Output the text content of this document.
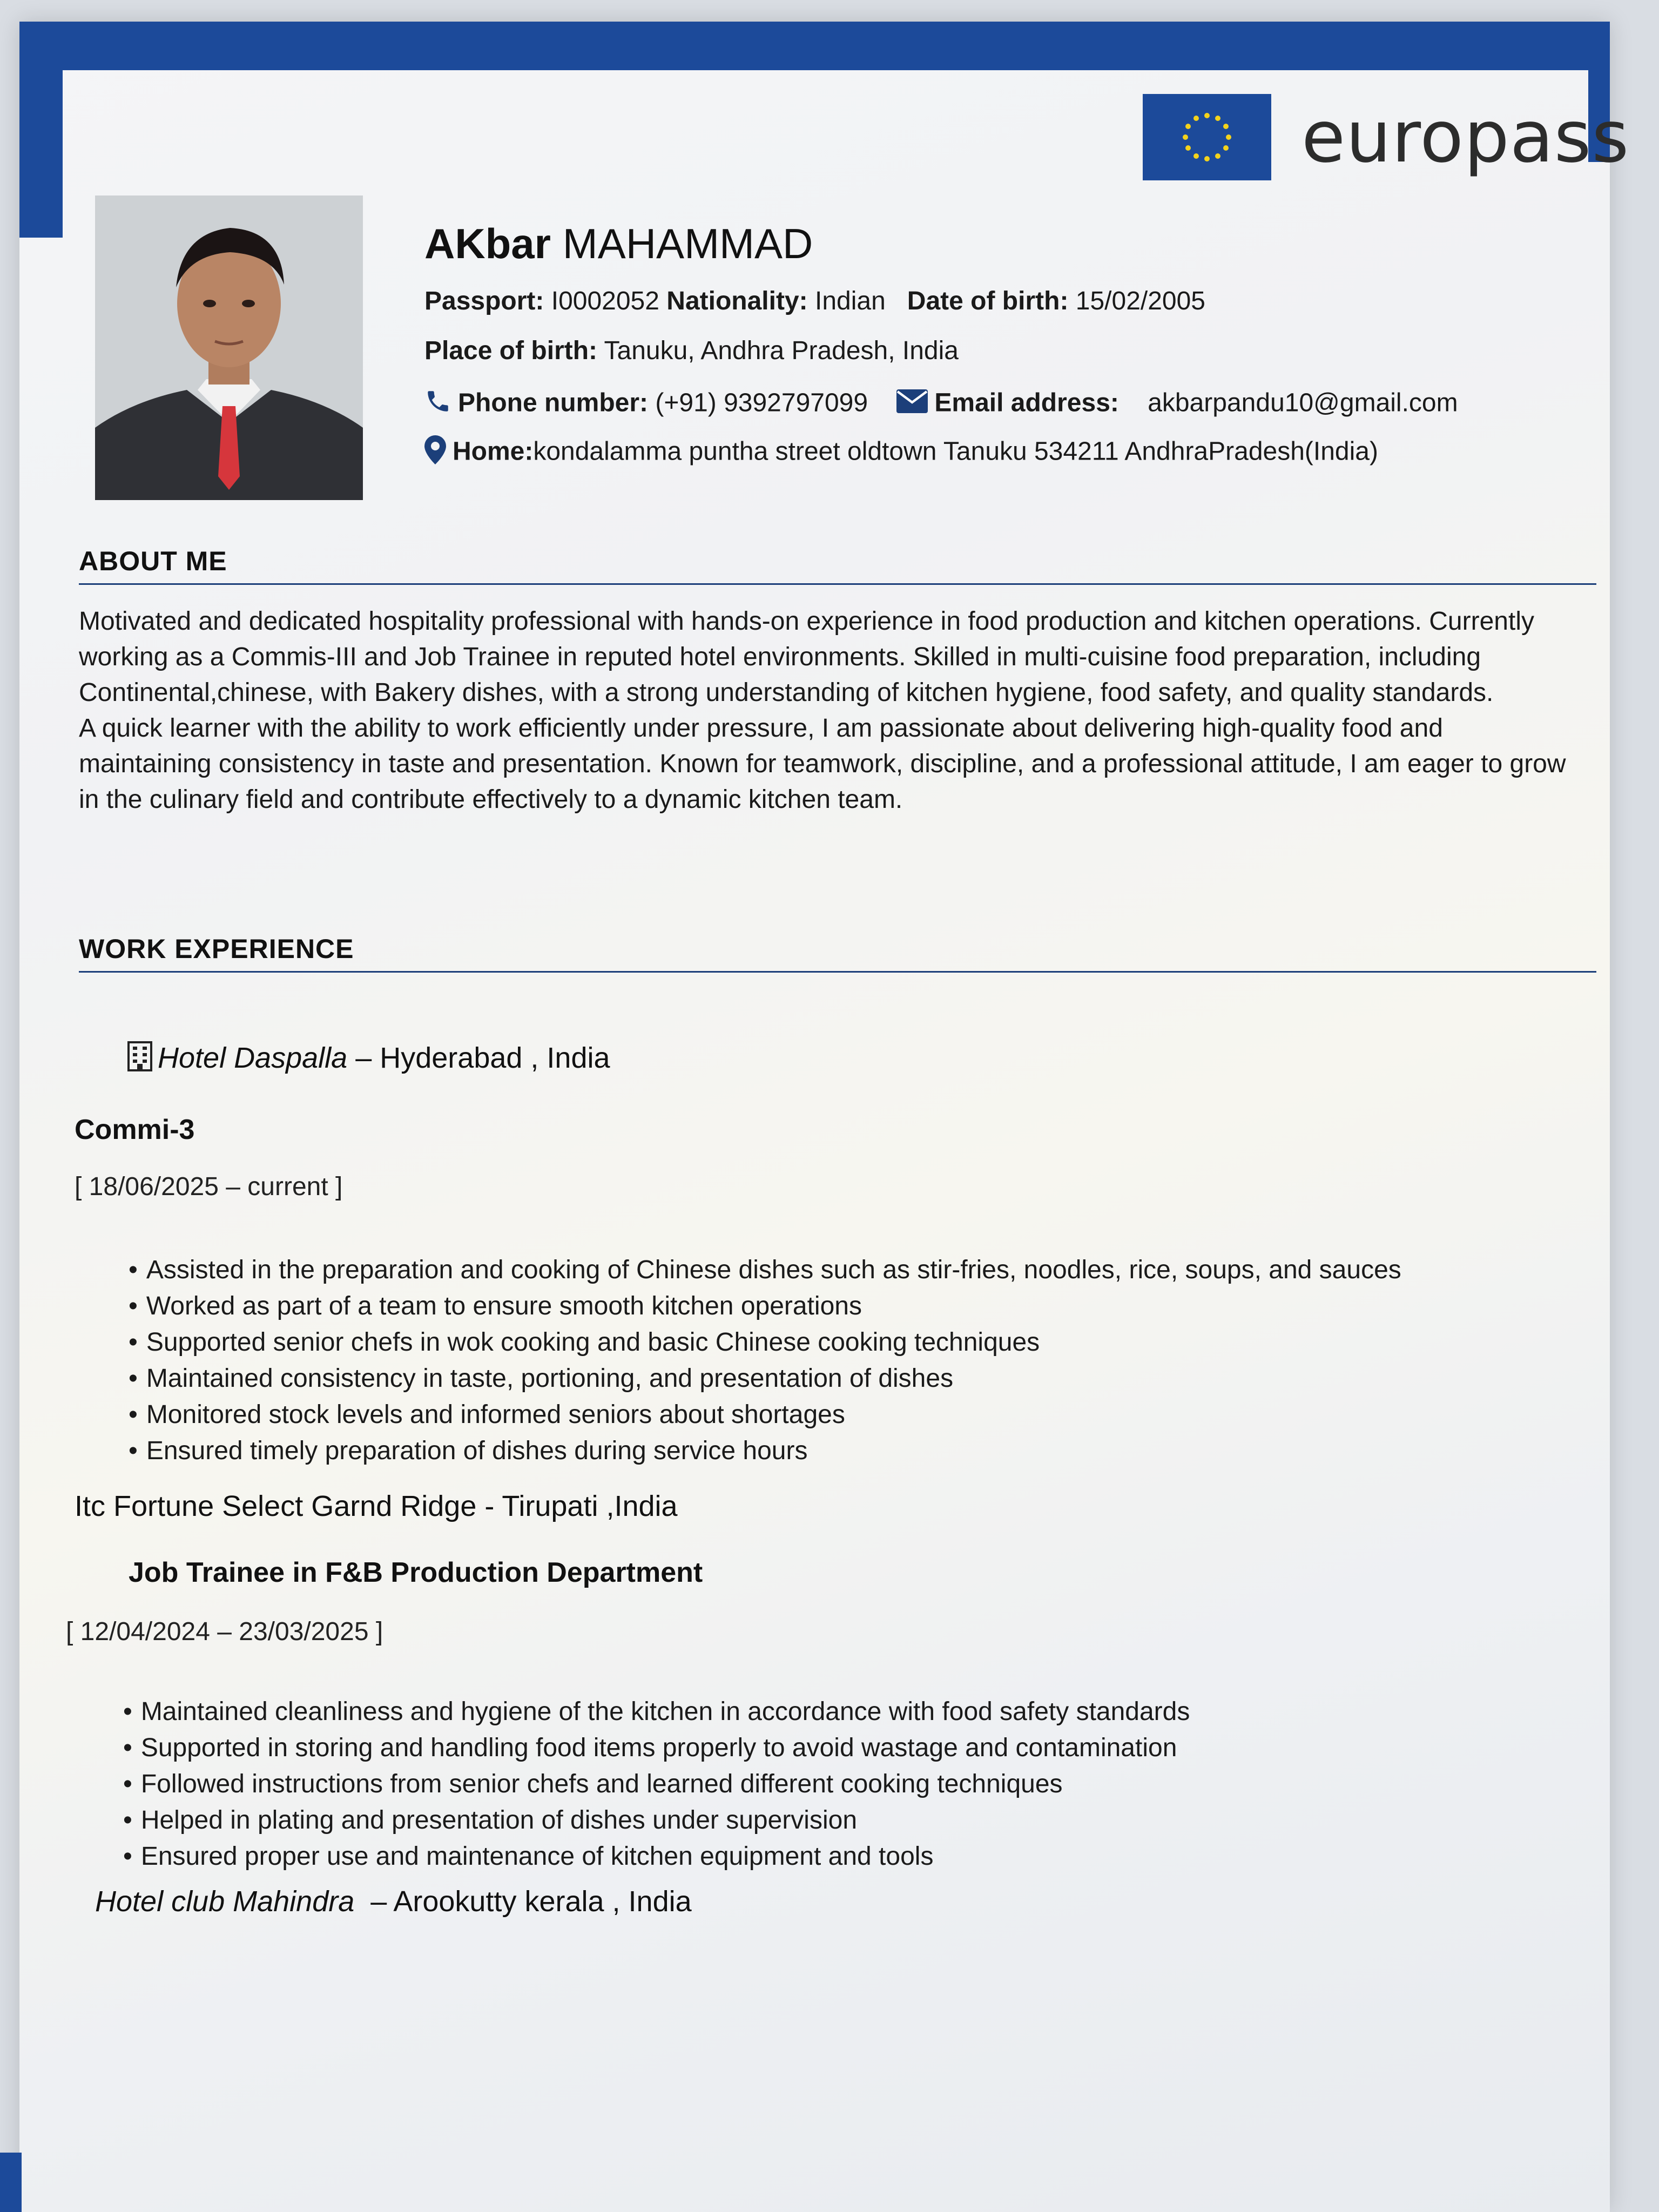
europass
AKbar MAHAMMAD
Passport: I0002052 Nationality: Indian Date of birth: 15/02/2005
Place of birth: Tanuku, Andhra Pradesh, India
Phone number: (+91) 9392797099	Email address: akbarpandu10@gmail.com
Home:kondalamma puntha street oldtown Tanuku 534211 AndhraPradesh(India)
ABOUT ME

Motivated and dedicated hospitality professional with hands-on experience in food production and kitchen operations. Currently working as a Commis-III and Job Trainee in reputed hotel environments. Skilled in multi-cuisine food preparation, including Continental,chinese, with Bakery dishes, with a strong understanding of kitchen hygiene, food safety, and quality standards.

A quick learner with the ability to work efficiently under pressure, I am passionate about delivering high-quality food and maintaining consistency in taste and presentation. Known for teamwork, discipline, and a professional attitude, I am eager to grow in the culinary field and contribute effectively to a dynamic kitchen team.

WORK EXPERIENCE
Hotel Daspalla – Hyderabad , India
Commi-3
[ 18/06/2025 – current ]
• Assisted in the preparation and cooking of Chinese dishes such as stir-fries, noodles, rice, soups, and sauces
• Worked as part of a team to ensure smooth kitchen operations
• Supported senior chefs in wok cooking and basic Chinese cooking techniques
• Maintained consistency in taste, portioning, and presentation of dishes
• Monitored stock levels and informed seniors about shortages
• Ensured timely preparation of dishes during service hours
Itc Fortune Select Garnd Ridge - Tirupati ,India
Job Trainee in F&B Production Department
[ 12/04/2024 – 23/03/2025 ]
• Maintained cleanliness and hygiene of the kitchen in accordance with food safety standards
• Supported in storing and handling food items properly to avoid wastage and contamination
• Followed instructions from senior chefs and learned different cooking techniques
• Helped in plating and presentation of dishes under supervision
• Ensured proper use and maintenance of kitchen equipment and tools
Hotel club Mahindra – Arookutty kerala , India
